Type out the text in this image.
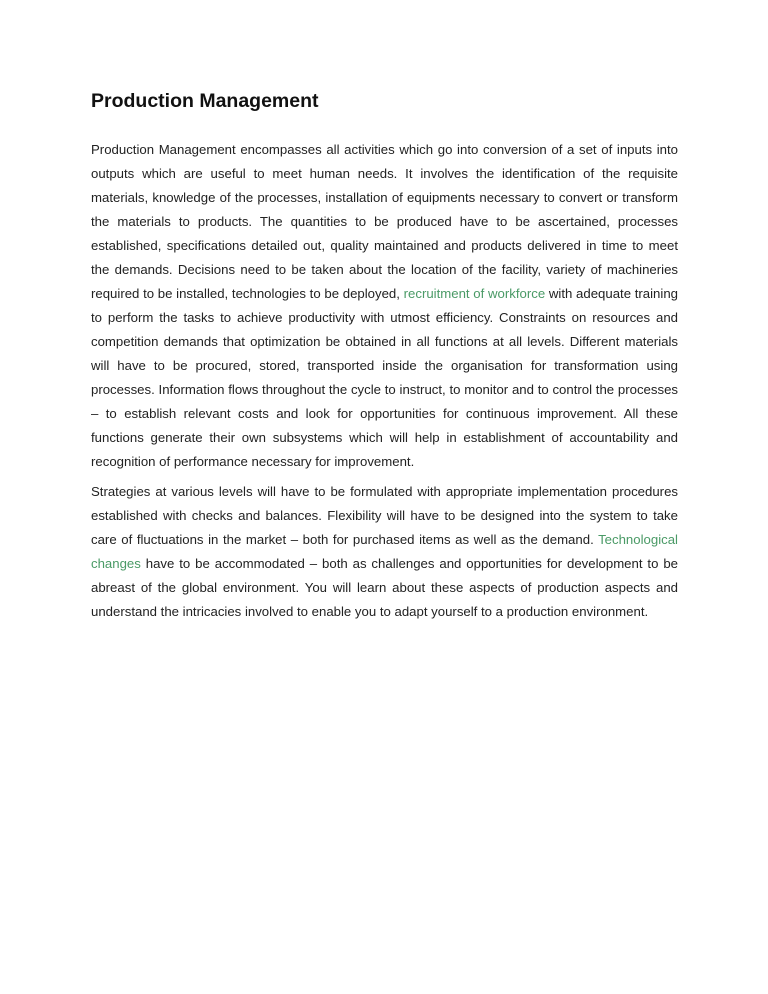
Production Management

Production Management encompasses all activities which go into conversion of a set of inputs into outputs which are useful to meet human needs. It involves the identification of the requisite materials, knowledge of the processes, installation of equipments necessary to convert or transform the materials to products. The quantities to be produced have to be ascertained, processes established, specifications detailed out, quality maintained and products delivered in time to meet the demands. Decisions need to be taken about the location of the facility, variety of machineries required to be installed, technologies to be deployed, recruitment of workforce with adequate training to perform the tasks to achieve productivity with utmost efficiency. Constraints on resources and competition demands that optimization be obtained in all functions at all levels. Different materials will have to be procured, stored, transported inside the organisation for transformation using processes. Information flows throughout the cycle to instruct, to monitor and to control the processes – to establish relevant costs and look for opportunities for continuous improvement. All these functions generate their own subsystems which will help in establishment of accountability and recognition of performance necessary for improvement.

Strategies at various levels will have to be formulated with appropriate implementation procedures established with checks and balances. Flexibility will have to be designed into the system to take care of fluctuations in the market – both for purchased items as well as the demand. Technological changes have to be accommodated – both as challenges and opportunities for development to be abreast of the global environment. You will learn about these aspects of production aspects and understand the intricacies involved to enable you to adapt yourself to a production environment.
